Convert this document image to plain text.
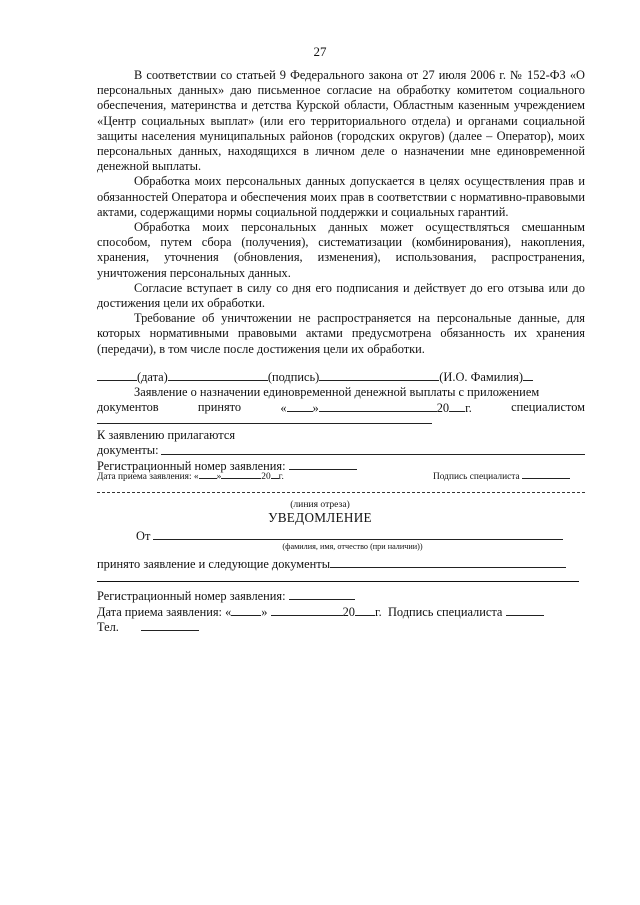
27

В соответствии со статьей 9 Федерального закона от 27 июля 2006 г. № 152-ФЗ «О персональных данных» даю письменное согласие на обработку комитетом социального обеспечения, материнства и детства Курской области, Областным казенным учреждением «Центр социальных выплат» (или его территориального отдела) и органами социальной защиты населения муниципальных районов (городских округов) (далее – Оператор), моих персональных данных, находящихся в личном деле о назначении мне единовременной денежной выплаты.

Обработка моих персональных данных допускается в целях осуществления прав и обязанностей Оператора и обеспечения моих прав в соответствии с нормативно-правовыми актами, содержащими нормы социальной поддержки и социальных гарантий.

Обработка моих персональных данных может осуществляться смешанным способом, путем сбора (получения), систематизации (комбинирования), накопления, хранения, уточнения (обновления, изменения), использования, распространения, уничтожения персональных данных.

Согласие вступает в силу со дня его подписания и действует до его отзыва или до достижения цели их обработки.

Требование об уничтожении не распространяется на персональные данные, для которых нормативными правовыми актами предусмотрена обязанность их хранения (передачи), в том числе после достижения цели их обработки.

(дата)	(подпись)	(И.О. Фамилия)
Заявление о назначении единовременной денежной выплаты с приложением
документов	принято	« »	20 г.	специалистом
К заявлению прилагаются
документы:
Регистрационный номер заявления:
Дата приема заявления: « »	20 г.	Подпись специалиста
(линия отреза)
УВЕДОМЛЕНИЕ
От
(фамилия, имя, отчество (при наличии))
принято заявление и следующие документы
Регистрационный номер заявления:
Дата приема заявления: « »	20 г. Подпись специалиста
Тел.
